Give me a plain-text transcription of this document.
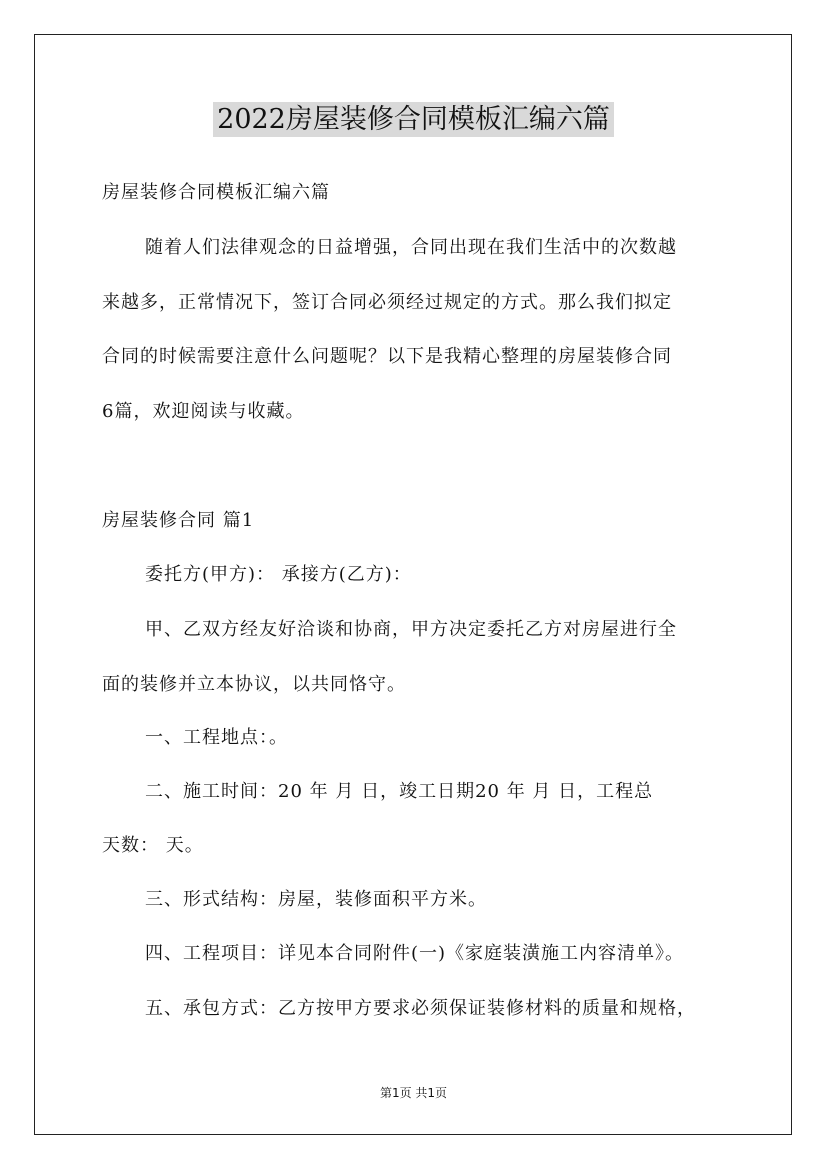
2022房屋装修合同模板汇编六篇
房屋装修合同模板汇编六篇
随着人们法律观念的日益增强，合同出现在我们生活中的次数越
来越多，正常情况下，签订合同必须经过规定的方式。那么我们拟定
合同的时候需要注意什么问题呢？以下是我精心整理的房屋装修合同
6篇，欢迎阅读与收藏。
房屋装修合同 篇1
委托方(甲方)： 承接方(乙方)：
甲、乙双方经友好洽谈和协商，甲方决定委托乙方对房屋进行全
面的装修并立本协议，以共同恪守。
一、工程地点：。
二、施工时间：20 年 月 日，竣工日期20 年 月 日，工程总
天数： 天。
三、形式结构：房屋，装修面积平方米。
四、工程项目：详见本合同附件(一)《家庭装潢施工内容清单》。
五、承包方式：乙方按甲方要求必须保证装修材料的质量和规格，
第1页 共1页
